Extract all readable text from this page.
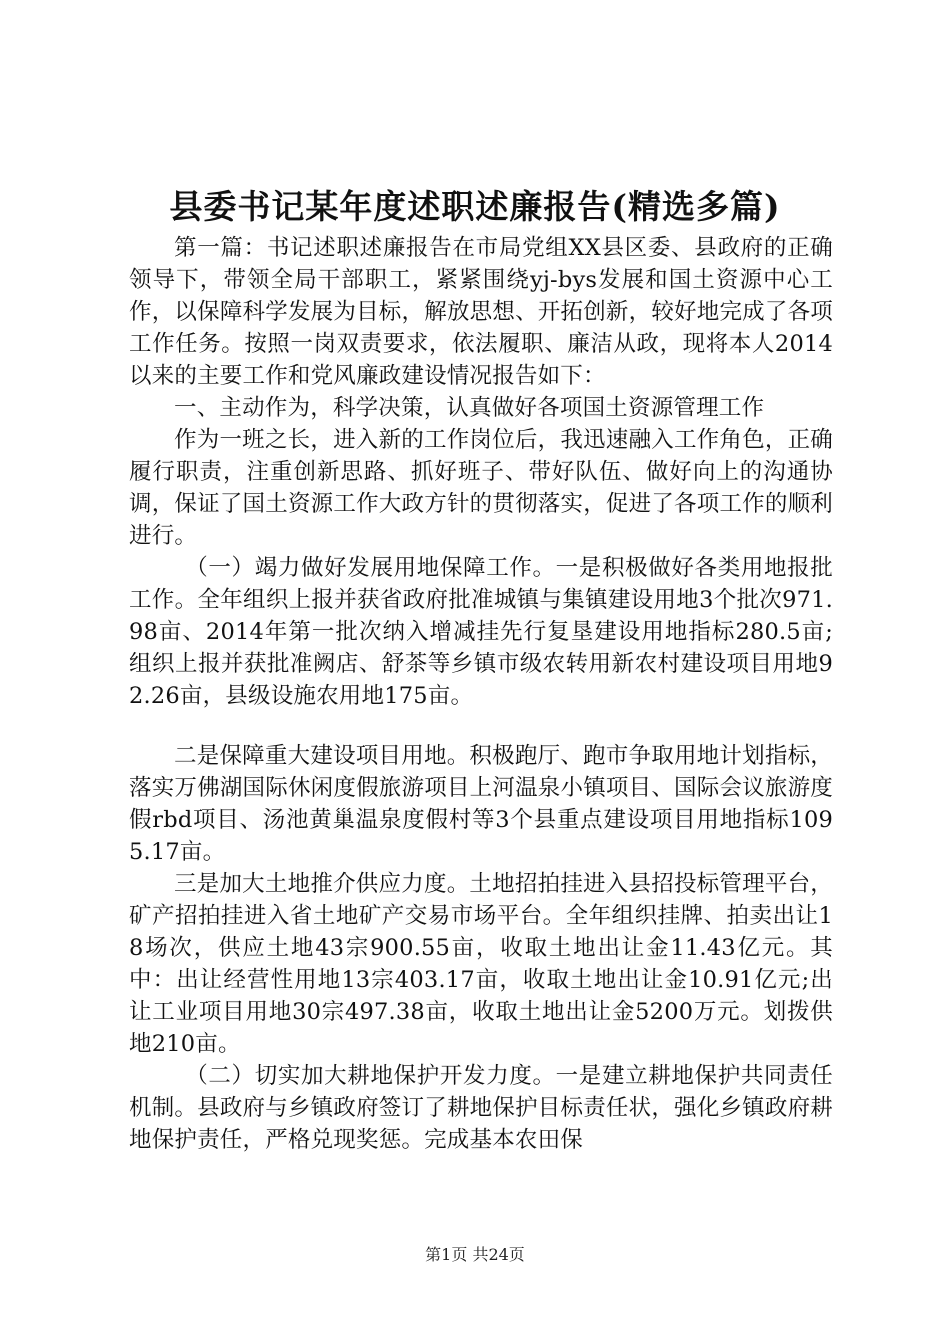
县委书记某年度述职述廉报告(精选多篇)

第一篇：书记述职述廉报告在市局党组XX县区委、县政府的正确领导下，带领全局干部职工，紧紧围绕yj-bys发展和国土资源中心工作，以保障科学发展为目标，解放思想、开拓创新，较好地完成了各项工作任务。按照一岗双责要求，依法履职、廉洁从政，现将本人2014以来的主要工作和党风廉政建设情况报告如下：

一、主动作为，科学决策，认真做好各项国土资源管理工作

作为一班之长，进入新的工作岗位后，我迅速融入工作角色，正确履行职责，注重创新思路、抓好班子、带好队伍、做好向上的沟通协调，保证了国土资源工作大政方针的贯彻落实，促进了各项工作的顺利进行。

（一）竭力做好发展用地保障工作。一是积极做好各类用地报批工作。全年组织上报并获省政府批准城镇与集镇建设用地3个批次971.98亩、2014年第一批次纳入增减挂先行复垦建设用地指标280.5亩;组织上报并获批准阙店、舒茶等乡镇市级农转用新农村建设项目用地92.26亩，县级设施农用地175亩。

二是保障重大建设项目用地。积极跑厅、跑市争取用地计划指标，落实万佛湖国际休闲度假旅游项目上河温泉小镇项目、国际会议旅游度假rbd项目、汤池黄巢温泉度假村等3个县重点建设项目用地指标1095.17亩。

三是加大土地推介供应力度。土地招拍挂进入县招投标管理平台，矿产招拍挂进入省土地矿产交易市场平台。全年组织挂牌、拍卖出让18场次，供应土地43宗900.55亩，收取土地出让金11.43亿元。其中：出让经营性用地13宗403.17亩，收取土地出让金10.91亿元;出让工业项目用地30宗497.38亩，收取土地出让金5200万元。划拨供地210亩。

（二）切实加大耕地保护开发力度。一是建立耕地保护共同责任机制。县政府与乡镇政府签订了耕地保护目标责任状，强化乡镇政府耕地保护责任，严格兑现奖惩。完成基本农田保

第1页 共24页
